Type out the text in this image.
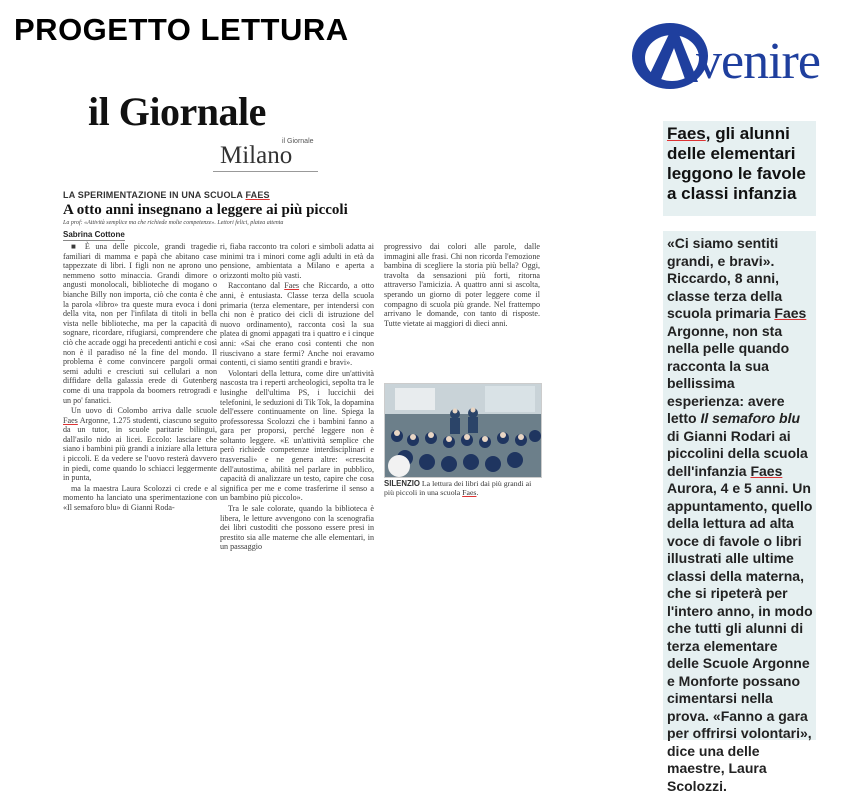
PROGETTO LETTURA
venire
il Giornale
il Giornale
Milano
LA SPERIMENTAZIONE IN UNA SCUOLA FAES
A otto anni insegnano a leggere ai più piccoli
La prof: «Attività semplice ma che richiede molte competenze». Lettori felici, platea attenta
Sabrina Cottone

■ È una delle piccole, grandi tragedie familiari di mamma e papà che abitano case tappezzate di libri. I figli non ne aprono uno nemmeno sotto minaccia. Grandi dimore o angusti monolocali, biblioteche di mogano o bianche Billy non importa, ciò che conta è che la parola «libro» tra queste mura evoca i doni della vita, non per l'infilata di titoli in bella vista nelle biblioteche, ma per la capacità di sognare, ricordare, rifugiarsi, comprendere che ciò che accade oggi ha precedenti antichi e così non è il paradiso né la fine del mondo. Il problema è come convincere pargoli ormai semi adulti e cresciuti sui cellulari a non diffidare della galassia erede di Gutenberg come di una trappola da boomers retrogradi e un po' fanatici.

Un uovo di Colombo arriva dalle scuole Faes Argonne, 1.275 studenti, ciascuno seguito da un tutor, in scuole paritarie bilingui, dall'asilo nido ai licei. Eccolo: lasciare che siano i bambini più grandi a iniziare alla lettura i piccoli. E da vedere se l'uovo resterà davvero in piedi, come quando lo schiacci leggermente in punta,

ma la maestra Laura Scolozzi ci crede e al momento ha lanciato una sperimentazione con «Il semaforo blu» di Gianni Roda-

ri, fiaba racconto tra colori e simboli adatta ai minimi tra i minori come agli adulti in età da pensione, ambientata a Milano e aperta a orizzonti molto più vasti.

Raccontano dal Faes che Riccardo, a otto anni, è entusiasta. Classe terza della scuola primaria (terza elementare, per intendersi con chi non è pratico dei cicli di istruzione del nuovo ordinamento), racconta così la sua platea di gnomi appagati tra i quattro e i cinque anni: «Sai che erano così contenti che non riuscivano a stare fermi? Anche noi eravamo contenti, ci siamo sentiti grandi e bravi».

Volontari della lettura, come dire un'attività nascosta tra i reperti archeologici, sepolta tra le lusinghe dell'ultima PS, i luccichii dei telefonini, le seduzioni di Tik Tok, la dopamina dell'essere continuamente on line. Spiega la professoressa Scolozzi che i bambini fanno a gara per proporsi, perché leggere non è soltanto leggere. «E un'attività semplice che però richiede competenze interdisciplinari e trasversali» e ne genera altre: «crescita dell'autostima, abilità nel parlare in pubblico, capacità di analizzare un testo, capire che cosa significa per me e come trasferirne il senso a un bambino più piccolo».

Tra le sale colorate, quando la biblioteca è libera, le letture avvengono con la scenografia dei libri custoditi che possono essere presi in prestito sia alle materne che alle elementari, in un passaggio

progressivo dai colori alle parole, dalle immagini alle frasi. Chi non ricorda l'emozione bambina di scegliere la storia più bella? Oggi, travolta da sensazioni più forti, ritorna attraverso l'amicizia. A quattro anni si ascolta, sperando un giorno di poter leggere come il compagno di scuola più grande. Nel frattempo arrivano le domande, con tanto di risposte. Tutte vietate ai maggiori di dieci anni.

SILENZIO La lettura dei libri dai più grandi ai più piccoli in una scuola Faes.
Faes, gli alunni delle elementari leggono le favole a classi infanzia
«Ci siamo sentiti grandi, e bravi». Riccardo, 8 anni, classe terza della scuola primaria Faes Argonne, non sta nella pelle quando racconta la sua bellissima esperienza: avere letto Il semaforo blu di Gianni Rodari ai piccolini della scuola dell'infanzia Faes Aurora, 4 e 5 anni. Un appuntamento, quello della lettura ad alta voce di favole o libri illustrati alle ultime classi della materna, che si ripeterà per l'intero anno, in modo che tutti gli alunni di terza elementare delle Scuole Argonne e Monforte possano cimentarsi nella prova. «Fanno a gara per offrirsi volontari», dice una delle maestre, Laura Scolozzi.
